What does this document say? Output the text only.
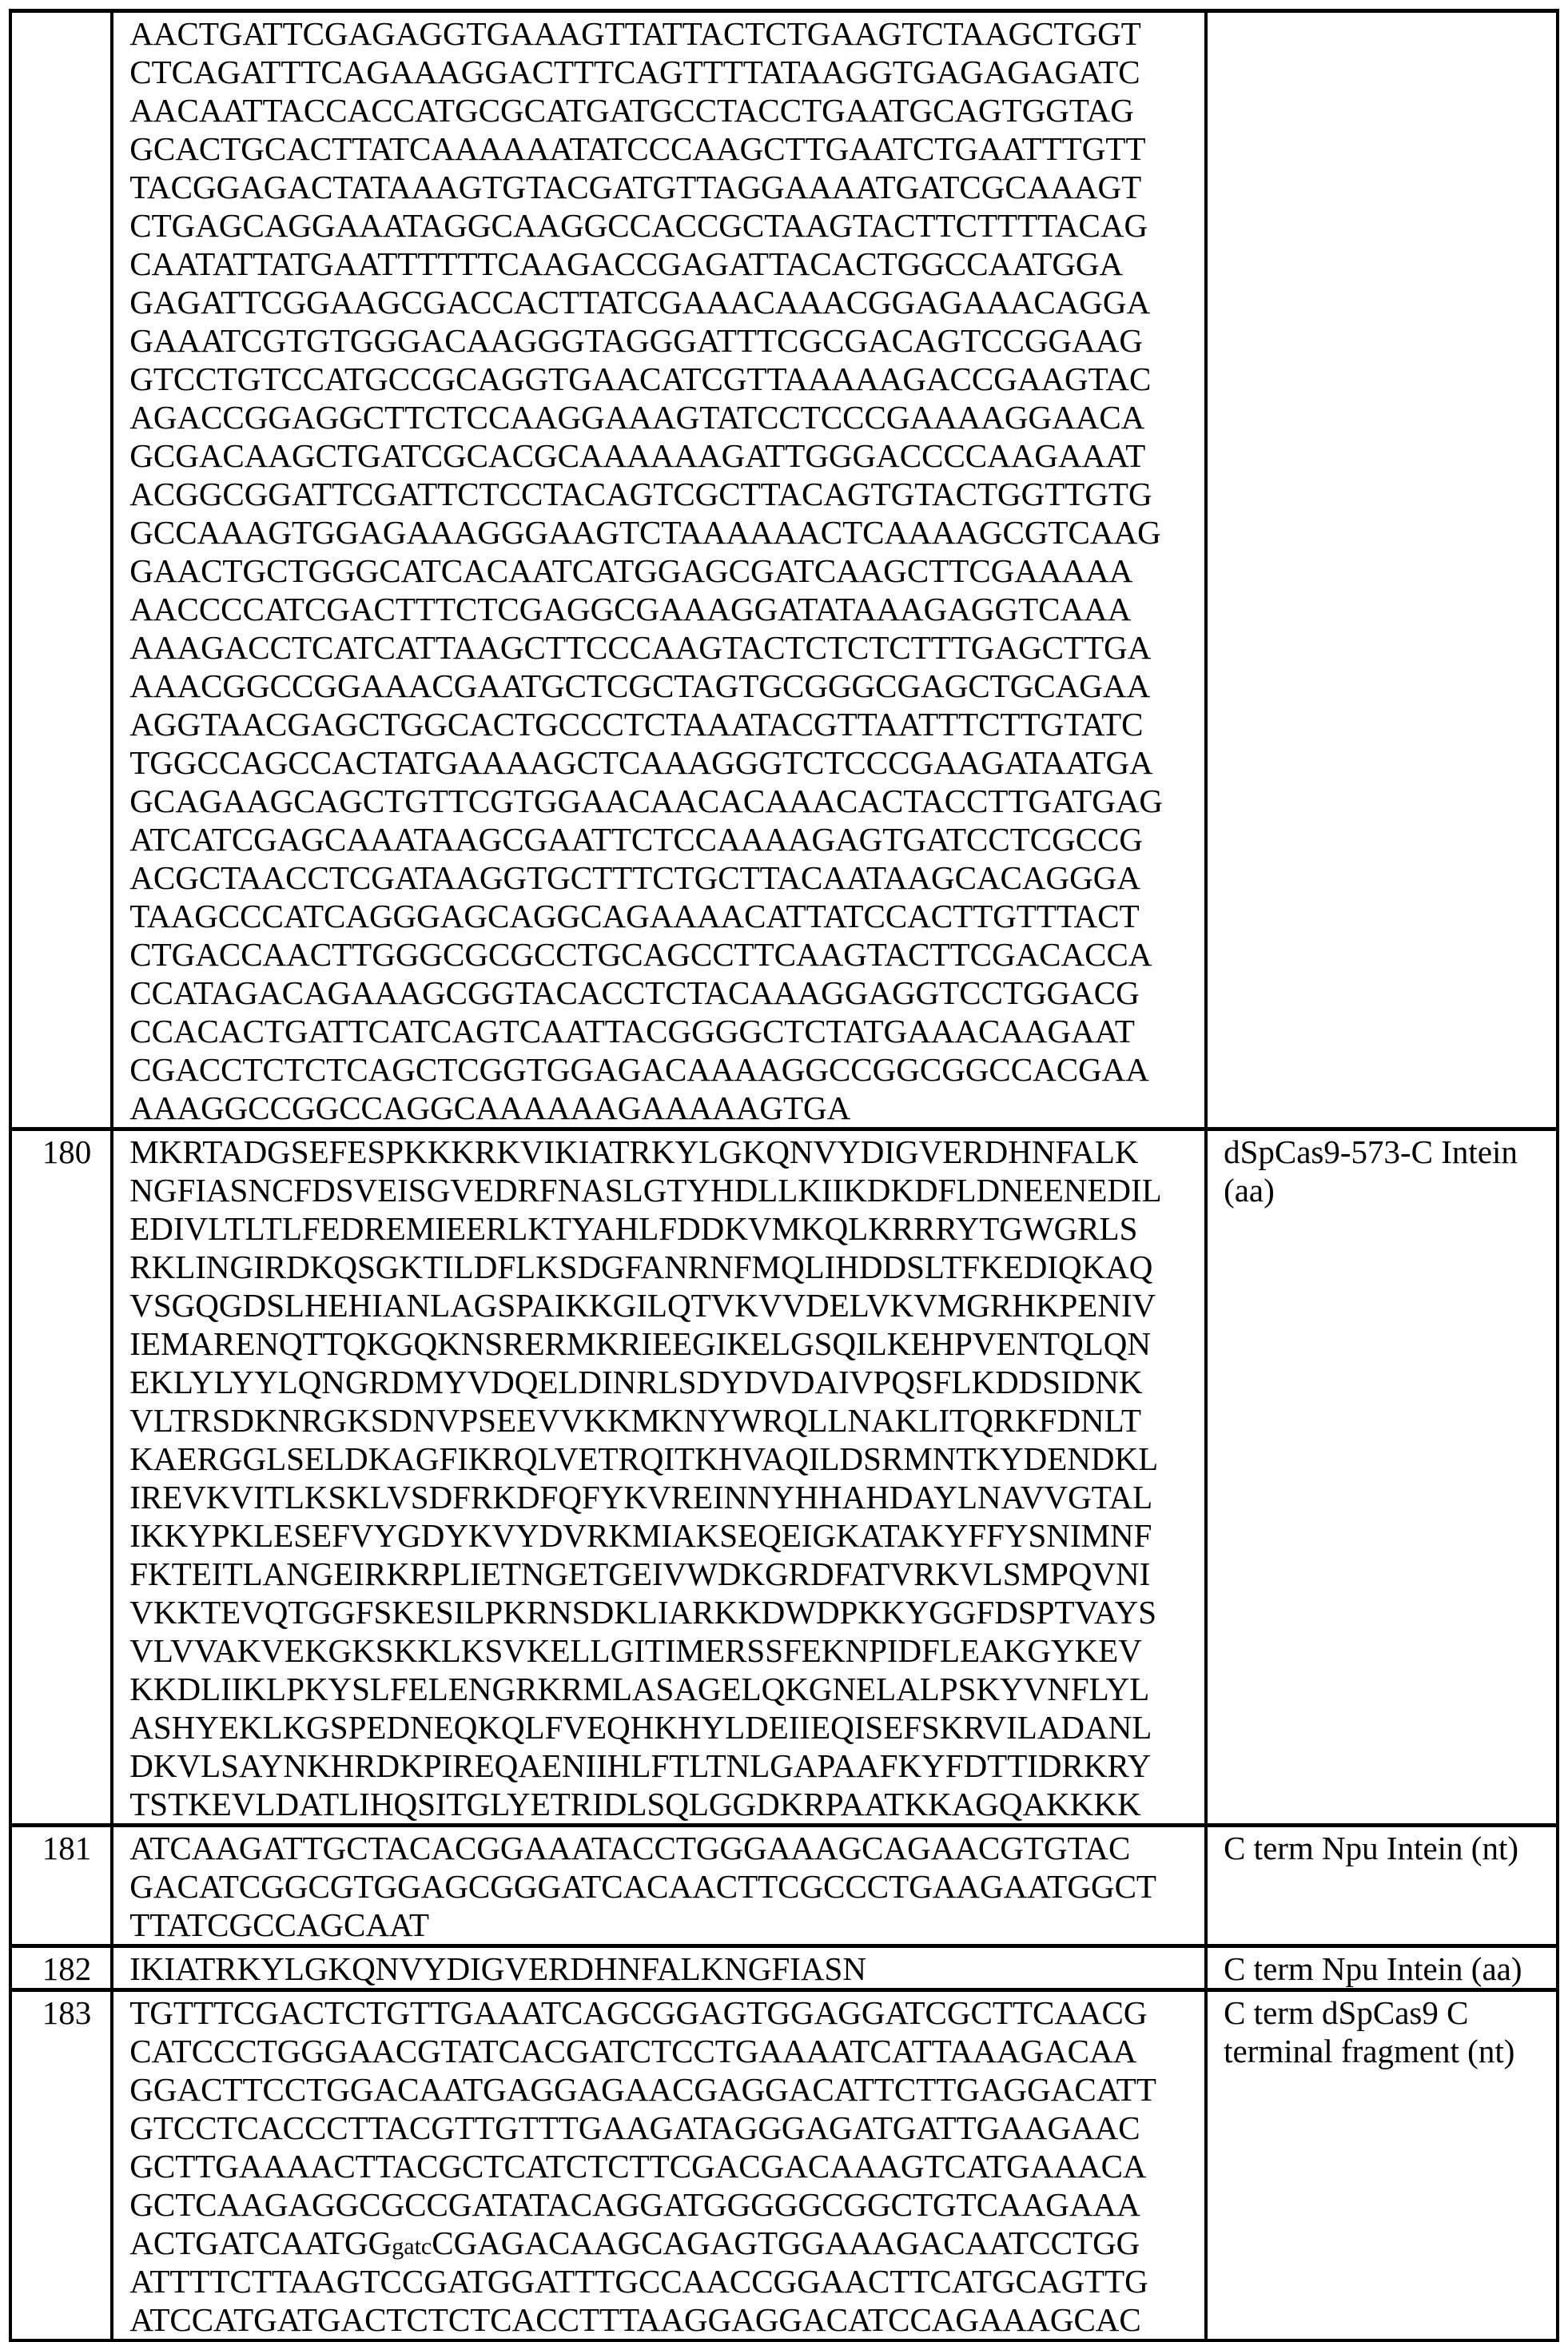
AACTGATTCGAGAGGTGAAAGTTATTACTCTGAAGTCTAAGCTGGT
CTCAGATTTCAGAAAGGACTTTCAGTTTTATAAGGTGAGAGAGATC
AACAATTACCACCATGCGCATGATGCCTACCTGAATGCAGTGGTAG
GCACTGCACTTATCAAAAAATATCCCAAGCTTGAATCTGAATTTGTT
TACGGAGACTATAAAGTGTACGATGTTAGGAAAATGATCGCAAAGT
CTGAGCAGGAAATAGGCAAGGCCACCGCTAAGTACTTCTTTTACAG
CAATATTATGAATTTTTTCAAGACCGAGATTACACTGGCCAATGGA
GAGATTCGGAAGCGACCACTTATCGAAACAAACGGAGAAACAGGA
GAAATCGTGTGGGACAAGGGTAGGGATTTCGCGACAGTCCGGAAG
GTCCTGTCCATGCCGCAGGTGAACATCGTTAAAAAGACCGAAGTAC
AGACCGGAGGCTTCTCCAAGGAAAGTATCCTCCCGAAAAGGAACA
GCGACAAGCTGATCGCACGCAAAAAAGATTGGGACCCCAAGAAAT
ACGGCGGATTCGATTCTCCTACAGTCGCTTACAGTGTACTGGTTGTG
GCCAAAGTGGAGAAAGGGAAGTCTAAAAAACTCAAAAGCGTCAAG
GAACTGCTGGGCATCACAATCATGGAGCGATCAAGCTTCGAAAAA
AACCCCATCGACTTTCTCGAGGCGAAAGGATATAAAGAGGTCAAA
AAAGACCTCATCATTAAGCTTCCCAAGTACTCTCTCTTTGAGCTTGA
AAACGGCCGGAAACGAATGCTCGCTAGTGCGGGCGAGCTGCAGAA
AGGTAACGAGCTGGCACTGCCCTCTAAATACGTTAATTTCTTGTATC
TGGCCAGCCACTATGAAAAGCTCAAAGGGTCTCCCGAAGATAATGA
GCAGAAGCAGCTGTTCGTGGAACAACACAAACACTACCTTGATGAG
ATCATCGAGCAAATAAGCGAATTCTCCAAAAGAGTGATCCTCGCCG
ACGCTAACCTCGATAAGGTGCTTTCTGCTTACAATAAGCACAGGGA
TAAGCCCATCAGGGAGCAGGCAGAAAACATTATCCACTTGTTTACT
CTGACCAACTTGGGCGCGCCTGCAGCCTTCAAGTACTTCGACACCA
CCATAGACAGAAAGCGGTACACCTCTACAAAGGAGGTCCTGGACG
CCACACTGATTCATCAGTCAATTACGGGGCTCTATGAAACAAGAAT
CGACCTCTCTCAGCTCGGTGGAGACAAAAGGCCGGCGGCCACGAA
AAAGGCCGGCCAGGCAAAAAAGAAAAAGTGA

180	MKRTADGSEFESPKKKRKVIKIATRKYLGKQNVYDIGVERDHNFALK
NGFIASNCFDSVEISGVEDRFNASLGTYHDLLKIIKDKDFLDNEENEDIL
EDIVLTLTLFEDREMIEERLKTYAHLFDDKVMKQLKRRRYTGWGRLS
RKLINGIRDKQSGKTILDFLKSDGFANRNFMQLIHDDSLTFKEDIQKAQ
VSGQGDSLHEHIANLAGSPAIKKGILQTVKVVDELVKVMGRHKPENIV
IEMARENQTTQKGQKNSRERMKRIEEGIKELGSQILKEHPVENTQLQN
EKLYLYYLQNGRDMYVDQELDINRLSDYDVDAIVPQSFLKDDSIDNK
VLTRSDKNRGKSDNVPSEEVVKKMKNYWRQLLNAKLITQRKFDNLT
KAERGGLSELDKAGFIKRQLVETRQITKHVAQILDSRMNTKYDENDKL
IREVKVITLKSKLVSDFRKDFQFYKVREINNYHHAHDAYLNAVVGTAL
IKKYPKLESEFVYGDYKVYDVRKMIAKSEQEIGKATAKYFFYSNIMNF
FKTEITLANGEIRKRPLIETNGETGEIVWDKGRDFATVRKVLSMPQVNI
VKKTEVQTGGFSKESILPKRNSDKLIARKKDWDPKKYGGFDSPTVAYS
VLVVAKVEKGKSKKLKSVKELLGITIMERSSFEKNPIDFLEAKGYKEV
KKDLIIKLPKYSLFELENGRKRMLASAGELQKGNELALPSKYVNFLYL
ASHYEKLKGSPEDNEQKQLFVEQHKHYLDEIIEQISEFSKRVILADANL
DKVLSAYNKHRDKPIREQAENIIHLFTLTNLGAPAAFKYFDTTIDRKRY
TSTKEVLDATLIHQSITGLYETRIDLSQLGGDKRPAATKKAGQAKKKK
	dSpCas9-573-C Intein (aa)
181	ATCAAGATTGCTACACGGAAATACCTGGGAAAGCAGAACGTGTAC
GACATCGGCGTGGAGCGGGATCACAACTTCGCCCTGAAGAATGGCT
TTATCGCCAGCAAT	C term Npu Intein (nt)
182	IKIATRKYLGKQNVYDIGVERDHNFALKNGFIASN	C term Npu Intein (aa)
183	TGTTTCGACTCTGTTGAAATCAGCGGAGTGGAGGATCGCTTCAACG
CATCCCTGGGAACGTATCACGATCTCCTGAAAATCATTAAAGACAA
GGACTTCCTGGACAATGAGGAGAACGAGGACATTCTTGAGGACATT
GTCCTCACCCTTACGTTGTTTGAAGATAGGGAGATGATTGAAGAAC
GCTTGAAAACTTACGCTCATCTCTTCGACGACAAAGTCATGAAACA
GCTCAAGAGGCGCCGATATACAGGATGGGGGCGGCTGTCAAGAAA
ACTGATCAATGGgatcCGAGACAAGCAGAGTGGAAAGACAATCCTGG
ATTTTCTTAAGTCCGATGGATTTGCCAACCGGAACTTCATGCAGTTG
ATCCATGATGACTCTCTCACCTTTAAGGAGGACATCCAGAAAGCAC
	C term dSpCas9 C terminal fragment (nt)
